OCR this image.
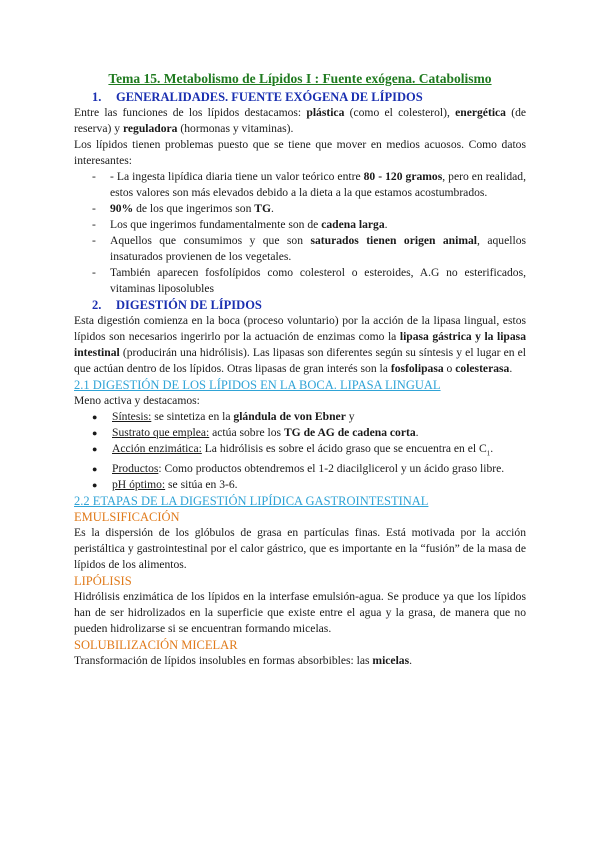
Tema 15. Metabolismo de Lípidos I : Fuente exógena. Catabolismo
1. GENERALIDADES. FUENTE EXÓGENA DE LÍPIDOS

Entre las funciones de los lípidos destacamos: plástica (como el colesterol), energética (de reserva) y reguladora (hormonas y vitaminas).

Los lípidos tienen problemas puesto que se tiene que mover en medios acuosos. Como datos interesantes:

- - La ingesta lipídica diaria tiene un valor teórico entre 80 - 120 gramos, pero en realidad, estos valores son más elevados debido a la dieta a la que estamos acostumbrados.
- 90% de los que ingerimos son TG.
- Los que ingerimos fundamentalmente son de cadena larga.
- Aquellos que consumimos y que son saturados tienen origen animal, aquellos insaturados provienen de los vegetales.
- También aparecen fosfolípidos como colesterol o esteroides, A.G no esterificados, vitaminas liposolubles
2. DIGESTIÓN DE LÍPIDOS

Esta digestión comienza en la boca (proceso voluntario) por la acción de la lipasa lingual, estos lípidos son necesarios ingerirlo por la actuación de enzimas como la lipasa gástrica y la lipasa intestinal (producirán una hidrólisis). Las lipasas son diferentes según su síntesis y el lugar en el que actúan dentro de los lípidos. Otras lipasas de gran interés son la fosfolipasa o colesterasa.

2.1 DIGESTIÓN DE LOS LÍPIDOS EN LA BOCA. LIPASA LINGUAL

Meno activa y destacamos:

● Síntesis: se sintetiza en la glándula de von Ebner y
● Sustrato que emplea: actúa sobre los TG de AG de cadena corta.
● Acción enzimática: La hidrólisis es sobre el ácido graso que se encuentra en el $C_1$.
● Productos: Como productos obtendremos el 1-2 diacilglicerol y un ácido graso libre.
● pH óptimo: se sitúa en 3-6.
2.2 ETAPAS DE LA DIGESTIÓN LIPÍDICA GASTROINTESTINAL
EMULSIFICACIÓN

Es la dispersión de los glóbulos de grasa en partículas finas. Está motivada por la acción peristáltica y gastrointestinal por el calor gástrico, que es importante en la “fusión” de la masa de lípidos de los alimentos.

LIPÓLISIS

Hidrólisis enzimática de los lípidos en la interfase emulsión-agua. Se produce ya que los lípidos han de ser hidrolizados en la superficie que existe entre el agua y la grasa, de manera que no pueden hidrolizarse si se encuentran formando micelas.

SOLUBILIZACIÓN MICELAR

Transformación de lípidos insolubles en formas absorbibles: las micelas.
